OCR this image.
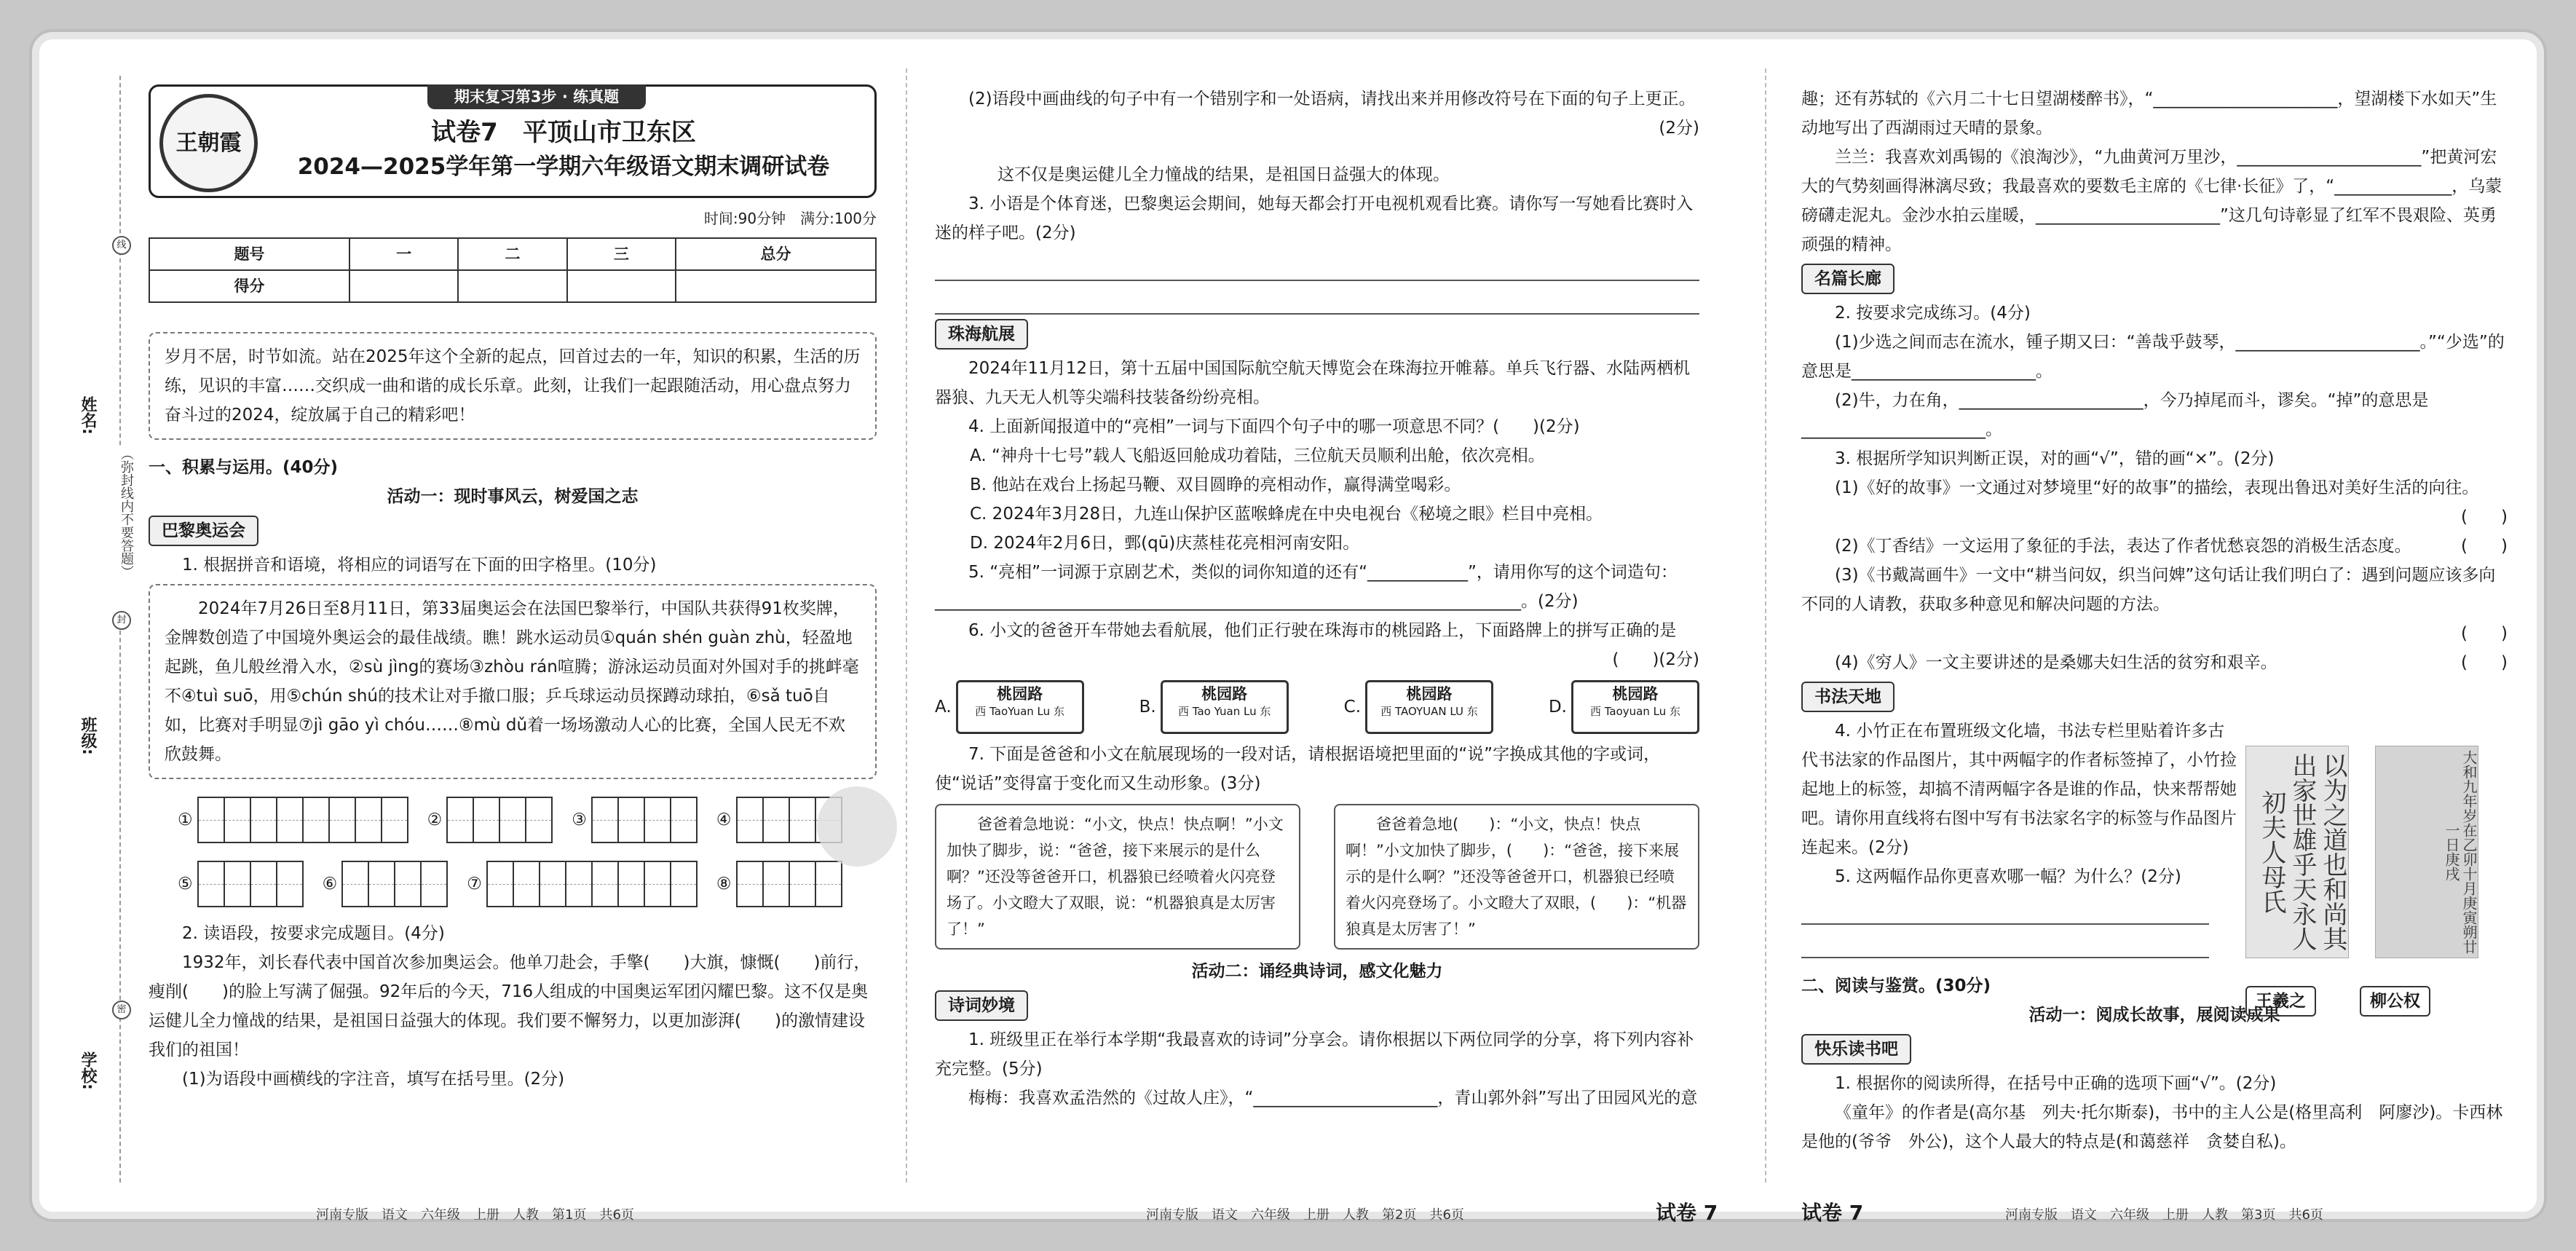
姓名:
班级:
学校:
（弥封线内不要答题）
线
封
密
王朝霞
期末复习第3步 · 练真题
试卷7　平顶山市卫东区
2024—2025学年第一学期六年级语文期末调研试卷
时间:90分钟　满分:100分
题号	一	二	三	总分
得分				
岁月不居，时节如流。站在2025年这个全新的起点，回首过去的一年，知识的积累，生活的历练，见识的丰富……交织成一曲和谐的成长乐章。此刻，让我们一起跟随活动，用心盘点努力奋斗过的2024，绽放属于自己的精彩吧！
一、积累与运用。(40分)
活动一：现时事风云，树爱国之志
巴黎奥运会
1. 根据拼音和语境，将相应的词语写在下面的田字格里。(10分)
2024年7月26日至8月11日，第33届奥运会在法国巴黎举行，中国队共获得91枚奖牌，金牌数创造了中国境外奥运会的最佳战绩。瞧！跳水运动员①quán shén guàn zhù，轻盈地起跳，鱼儿般丝滑入水，②sù jìng的赛场③zhòu rán喧腾；游泳运动员面对外国对手的挑衅毫不④tuì suō，用⑤chún shú的技术让对手撤口服；乒乓球运动员探蹲动球拍，⑥sǎ tuō自如，比赛对手明显⑦jì gāo yì chóu……⑧mù dǔ着一场场激动人心的比赛，全国人民无不欢欣鼓舞。
①	②	③	④
⑤	⑥	⑦	⑧
2. 读语段，按要求完成题目。(4分)
1932年，刘长春代表中国首次参加奥运会。他单刀赴会，手擎(　　)大旗，慷慨(　　)前行，瘦削(　　)的脸上写满了倔强。92年后的今天，716人组成的中国奥运军团闪耀巴黎。这不仅是奥运健儿全力憧战的结果，是祖国日益强大的体现。我们要不懈努力，以更加澎湃(　　)的激情建设我们的祖国！
(1)为语段中画横线的字注音，填写在括号里。(2分)
(2)语段中画曲线的句子中有一个错别字和一处语病，请找出来并用修改符号在下面的句子上更正。
(2分)
这不仅是奥运健儿全力憧战的结果，是祖国日益强大的体现。
3. 小语是个体育迷，巴黎奥运会期间，她每天都会打开电视机观看比赛。请你写一写她看比赛时入迷的样子吧。(2分)
珠海航展
2024年11月12日，第十五届中国国际航空航天博览会在珠海拉开帷幕。单兵飞行器、水陆两栖机器狼、九天无人机等尖端科技装备纷纷亮相。
4. 上面新闻报道中的“亮相”一词与下面四个句子中的哪一项意思不同？(　　)(2分)
A. “神舟十七号”载人飞船返回舱成功着陆，三位航天员顺利出舱，依次亮相。
B. 他站在戏台上扬起马鞭、双目圆睁的亮相动作，赢得满堂喝彩。
C. 2024年3月28日，九连山保护区蓝喉蜂虎在中央电视台《秘境之眼》栏目中亮相。
D. 2024年2月6日，鄄(qū)庆蒸桂花亮相河南安阳。
5. “亮相”一词源于京剧艺术，类似的词你知道的还有“____________”，请用你写的这个词造句：______________________________________________________________________。(2分)
6. 小文的爸爸开车带她去看航展，他们正行驶在珠海市的桃园路上，下面路牌上的拼写正确的是
(　　)(2分)
A.
桃园路
西 TaoYuan Lu 东	B.
桃园路
西 Tao Yuan Lu 东	C.
桃园路
西 TAOYUAN LU 东	D.
桃园路
西 Taoyuan Lu 东
7. 下面是爸爸和小文在航展现场的一段对话，请根据语境把里面的“说”字换成其他的字或词，使“说话”变得富于变化而又生动形象。(3分)
爸爸着急地说：“小文，快点！快点啊！”小文加快了脚步，说：“爸爸，接下来展示的是什么啊？”还没等爸爸开口，机器狼已经喷着火闪亮登场了。小文瞪大了双眼，说：“机器狼真是太厉害了！”
爸爸着急地(　　)：“小文，快点！快点啊！”小文加快了脚步，(　　)：“爸爸，接下来展示的是什么啊？”还没等爸爸开口，机器狼已经喷着火闪亮登场了。小文瞪大了双眼，(　　)：“机器狼真是太厉害了！”
活动二：诵经典诗词，感文化魅力
诗词妙境
1. 班级里正在举行本学期“我最喜欢的诗词”分享会。请你根据以下两位同学的分享，将下列内容补充完整。(5分)
梅梅：我喜欢孟浩然的《过故人庄》，“______________________，青山郭外斜”写出了田园风光的意
趣；还有苏轼的《六月二十七日望湖楼醉书》，“______________________，望湖楼下水如天”生动地写出了西湖雨过天晴的景象。
兰兰：我喜欢刘禹锡的《浪淘沙》，“九曲黄河万里沙，______________________”把黄河宏大的气势刻画得淋漓尽致；我最喜欢的要数毛主席的《七律·长征》了，“______________，乌蒙磅礴走泥丸。金沙水拍云崖暖，______________________”这几句诗彰显了红军不畏艰险、英勇顽强的精神。
名篇长廊
2. 按要求完成练习。(4分)
(1)少选之间而志在流水，锺子期又曰：“善哉乎鼓琴，______________________。”“少选”的意思是______________________。
(2)牛，力在角，______________________，今乃掉尾而斗，谬矣。“掉”的意思是______________________。
3. 根据所学知识判断正误，对的画“√”，错的画“×”。(2分)
(1)《好的故事》一文通过对梦境里“好的故事”的描绘，表现出鲁迅对美好生活的向往。
(　　)
(2)《丁香结》一文运用了象征的手法，表达了作者忧愁哀怨的消极生活态度。	(　　)
(3)《书戴嵩画牛》一文中“耕当问奴，织当问婢”这句话让我们明白了：遇到问题应该多向不同的人请教，获取多种意见和解决问题的方法。
(　　)
(4)《穷人》一文主要讲述的是桑娜夫妇生活的贫穷和艰辛。	(　　)
书法天地
4. 小竹正在布置班级文化墙，书法专栏里贴着许多古代书法家的作品图片，其中两幅字的作者标签掉了，小竹捡起地上的标签，却搞不清两幅字各是谁的作品，快来帮帮她吧。请你用直线将右图中写有书法家名字的标签与作品图片连起来。(2分)
5. 这两幅作品你更喜欢哪一幅？为什么？(2分)
二、阅读与鉴赏。(30分)
活动一：阅成长故事，展阅读成果
快乐读书吧
1. 根据你的阅读所得，在括号中正确的选项下画“√”。(2分)
《童年》的作者是(高尔基　列夫·托尔斯泰)，书中的主人公是(格里高利　阿廖沙)。卡西林是他的(爷爷　外公)，这个人最大的特点是(和蔼慈祥　贪婪自私)。
以为之道也和尚其出家世雄乎天永人初夫人母氏	大和九年岁在乙卯十月庚寅朔廿一日庚戌
王羲之	柳公权
河南专版　语文　六年级　上册　人教　第1页　共6页	河南专版　语文　六年级　上册　人教　第2页　共6页	试卷 7	试卷 7	河南专版　语文　六年级　上册　人教　第3页　共6页
